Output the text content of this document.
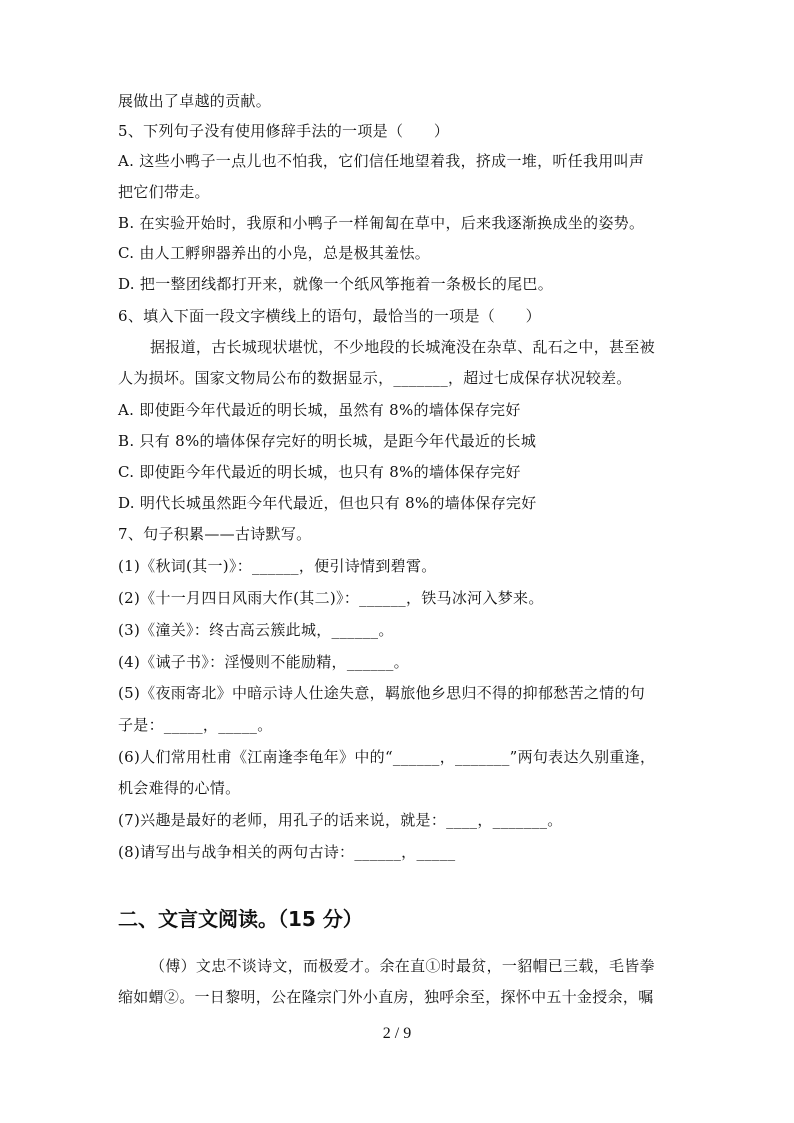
展做出了卓越的贡献。
5、下列句子没有使用修辞手法的一项是（　　）
A. 这些小鸭子一点儿也不怕我，它们信任地望着我，挤成一堆，听任我用叫声
把它们带走。
B. 在实验开始时，我原和小鸭子一样匍匐在草中，后来我逐渐换成坐的姿势。
C. 由人工孵卵器养出的小凫，总是极其羞怯。
D. 把一整团线都打开来，就像一个纸风筝拖着一条极长的尾巴。
6、填入下面一段文字横线上的语句，最恰当的一项是（　　）
据报道，古长城现状堪忧，不少地段的长城淹没在杂草、乱石之中，甚至被
人为损坏。国家文物局公布的数据显示，_______，超过七成保存状况较差。
A. 即使距今年代最近的明长城，虽然有 8%的墙体保存完好
B. 只有 8%的墙体保存完好的明长城，是距今年代最近的长城
C. 即使距今年代最近的明长城，也只有 8%的墙体保存完好
D. 明代长城虽然距今年代最近，但也只有 8%的墙体保存完好
7、句子积累——古诗默写。
(1)《秋词(其一)》：______，便引诗情到碧霄。
(2)《十一月四日风雨大作(其二)》：______，铁马冰河入梦来。
(3)《潼关》：终古高云簇此城，______。
(4)《诫子书》：淫慢则不能励精，______。
(5)《夜雨寄北》中暗示诗人仕途失意，羁旅他乡思归不得的抑郁愁苦之情的句
子是：_____，_____。
(6)人们常用杜甫《江南逢李龟年》中的“______，_______”两句表达久别重逢，
机会难得的心情。
(7)兴趣是最好的老师，用孔子的话来说，就是：____，_______。
(8)请写出与战争相关的两句古诗：______，_____
二、文言文阅读。（15 分）
（傅）文忠不谈诗文，而极爱才。余在直①时最贫，一貂帽已三载，毛皆拳
缩如蝟②。一日黎明，公在隆宗门外小直房，独呼余至，探怀中五十金授余，嘱
2 / 9
